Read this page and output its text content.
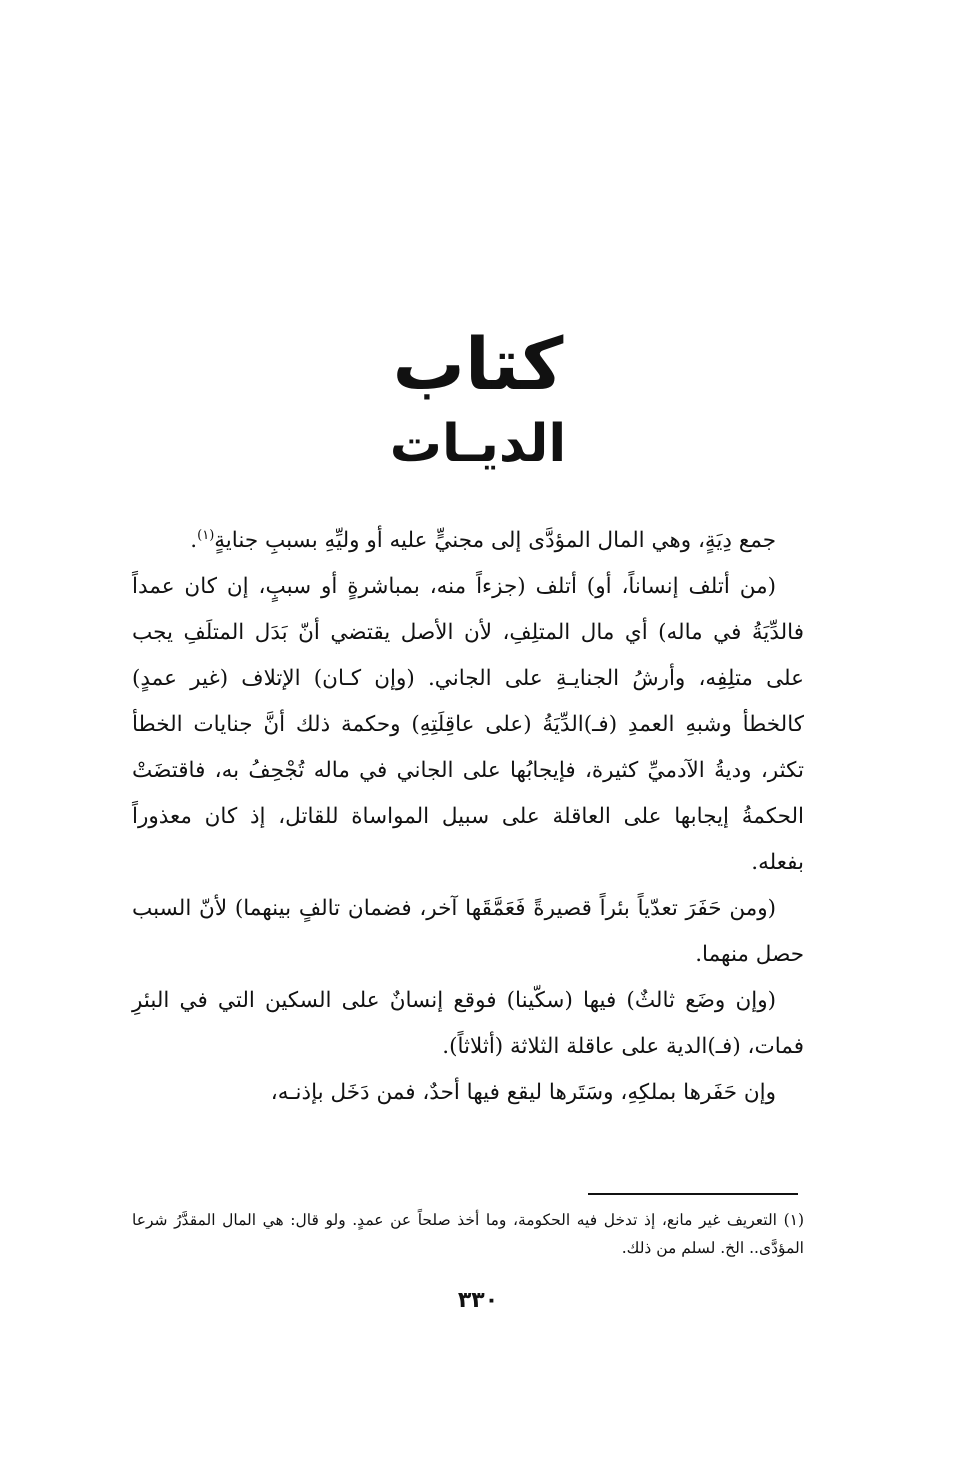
كتاب
الديـات

جمع دِيَةٍ، وهي المال المؤدَّى إلى مجنيٍّ عليه أو وليِّهِ بسببِ جنايةٍ$^{(١)}$.

(من أتلف إنساناً، أو) أتلف (جزءاً منه، بمباشرةٍ أو سببٍ، إن كان عمداً فالدِّيَةُ في ماله) أي مال المتلِفِ، لأن الأصل يقتضي أنّ بَدَل المتلَفِ يجب على متلِفِه، وأرشُ الجنايـةِ على الجاني. (وإن كـان) الإتلاف (غير عمدٍ) كالخطأ وشبهِ العمدِ (فـ)الدِّيَةُ (على عاقِلَتِهِ) وحكمة ذلك أنَّ جنايات الخطأ تكثر، وديةُ الآدميِّ كثيرة، فإيجابُها على الجاني في ماله تُجْحِفُ به، فاقتضَتْ الحكمةُ إيجابها على العاقلة على سبيل المواساة للقاتل، إذ كان معذوراً بفعله.

(ومن حَفَرَ تعدّياً بئراً قصيرةً فَعَمَّقَها آخر، فضمان تالفٍ بينهما) لأنّ السبب حصل منهما.

(وإن وضَع ثالثٌ) فيها (سكّينا) فوقع إنسانٌ على السكين التي في البئرِ فمات، (فـ)الدية على عاقلة الثلاثة (أثلاثاً).

وإن حَفَرها بملكِهِ، وسَتَرها ليقع فيها أحدٌ، فمن دَخَل بإذنـه،

(١) التعريف غير مانع، إذ تدخل فيه الحكومة، وما أخذ صلحاً عن عمدٍ. ولو قال: هي المال المقدَّرُ شرعا المؤدَّى.. الخ. لسلم من ذلك.
٣٣٠
